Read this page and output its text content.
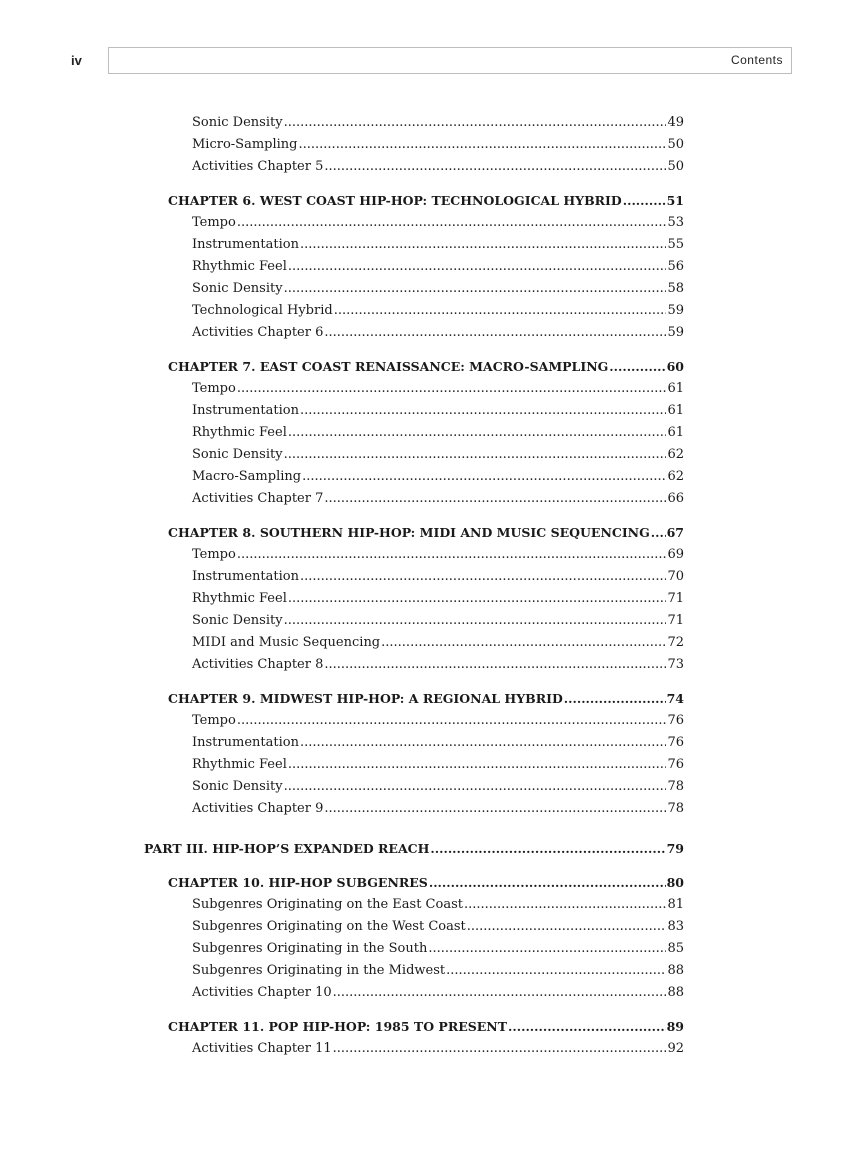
iv	Contents
Sonic Density .....	49
Micro-Sampling .....	50
Activities Chapter 5 .....	50
CHAPTER 6. WEST COAST HIP-HOP: TECHNOLOGICAL HYBRID .....	51
Tempo .....	53
Instrumentation .....	55
Rhythmic Feel .....	56
Sonic Density .....	58
Technological Hybrid .....	59
Activities Chapter 6 .....	59
CHAPTER 7. EAST COAST RENAISSANCE: MACRO-SAMPLING .....	60
Tempo .....	61
Instrumentation .....	61
Rhythmic Feel .....	61
Sonic Density .....	62
Macro-Sampling .....	62
Activities Chapter 7 .....	66
CHAPTER 8. SOUTHERN HIP-HOP: MIDI AND MUSIC SEQUENCING ..... 67
Tempo .....	69
Instrumentation .....	70
Rhythmic Feel .....	71
Sonic Density .....	71
MIDI and Music Sequencing .....	72
Activities Chapter 8 .....	73
CHAPTER 9. MIDWEST HIP-HOP: A REGIONAL HYBRID .....	74
Tempo .....	76
Instrumentation .....	76
Rhythmic Feel .....	76
Sonic Density .....	78
Activities Chapter 9 .....	78
PART III. HIP-HOP’S EXPANDED REACH .....	79
CHAPTER 10. HIP-HOP SUBGENRES .....	80
Subgenres Originating on the East Coast .....	81
Subgenres Originating on the West Coast .....	83
Subgenres Originating in the South .....	85
Subgenres Originating in the Midwest .....	88
Activities Chapter 10 .....	88
CHAPTER 11. POP HIP-HOP: 1985 TO PRESENT .....	89
Activities Chapter 11 .....	92
